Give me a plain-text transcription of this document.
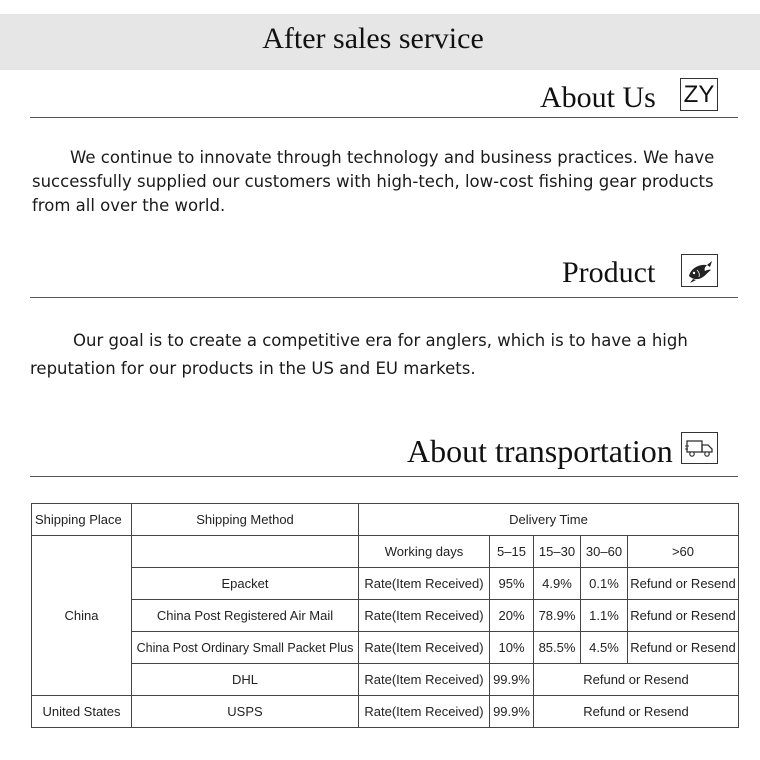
After sales service
About Us ZY
We continue to innovate through technology and business practices. We have
successfully supplied our customers with high-tech, low-cost fishing gear products
from all over the world.
Product
Our goal is to create a competitive era for anglers, which is to have a high
reputation for our products in the US and EU markets.
About transportation
Shipping Place	Shipping Method	Delivery Time				
China		Working days	5–15	15–30	30–60	>60
	Epacket	Rate(Item Received)	95%	4.9%	0.1%	Refund or Resend
	China Post Registered Air Mail	Rate(Item Received)	20%	78.9%	1.1%	Refund or Resend
	China Post Ordinary Small Packet Plus	Rate(Item Received)	10%	85.5%	4.5%	Refund or Resend
	DHL	Rate(Item Received)	99.9%	Refund or Resend		
United States	USPS	Rate(Item Received)	99.9%	Refund or Resend		
